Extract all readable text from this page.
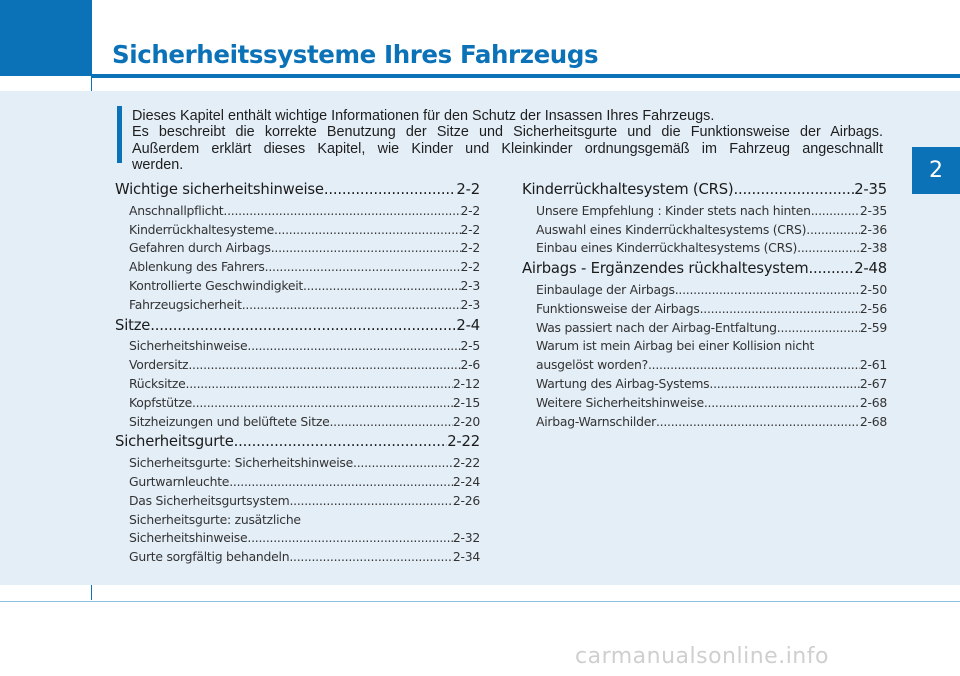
Sicherheitssysteme Ihres Fahrzeugs
2

Dieses Kapitel enthält wichtige Informationen für den Schutz der Insassen Ihres Fahrzeugs.
Es beschreibt die korrekte Benutzung der Sitze und Sicherheitsgurte und die Funktionsweise der Airbags.
Außerdem erklärt dieses Kapitel, wie Kinder und Kleinkinder ordnungsgemäß im Fahrzeug angeschnallt
werden.

Wichtige sicherheitshinweise .....	2-2
Anschnallpflicht .....	2-2
Kinderrückhaltesysteme .....	2-2
Gefahren durch Airbags .....	2-2
Ablenkung des Fahrers .....	2-2
Kontrollierte Geschwindigkeit .....	2-3
Fahrzeugsicherheit .....	2-3
Sitze .....	2-4
Sicherheitshinweise .....	2-5
Vordersitz .....	2-6
Rücksitze .....	2-12
Kopfstütze .....	2-15
Sitzheizungen und belüftete Sitze .....	2-20
Sicherheitsgurte .....	2-22
Sicherheitsgurte: Sicherheitshinweise .....	2-22
Gurtwarnleuchte .....	2-24
Das Sicherheitsgurtsystem .....	2-26
Sicherheitsgurte: zusätzliche
Sicherheitshinweise .....	2-32
Gurte sorgfältig behandeln .....	2-34
Kinderrückhaltesystem (CRS) .....	2-35
Unsere Empfehlung : Kinder stets nach hinten .....	2-35
Auswahl eines Kinderrückhaltesystems (CRS) .....	2-36
Einbau eines Kinderrückhaltesystems (CRS) .....	2-38
Airbags - Ergänzendes rückhaltesystem .....	2-48
Einbaulage der Airbags .....	2-50
Funktionsweise der Airbags .....	2-56
Was passiert nach der Airbag-Entfaltung .....	2-59
Warum ist mein Airbag bei einer Kollision nicht
ausgelöst worden? .....	2-61
Wartung des Airbag-Systems .....	2-67
Weitere Sicherheitshinweise .....	2-68
Airbag-Warnschilder .....	2-68

carmanualsonline.info
